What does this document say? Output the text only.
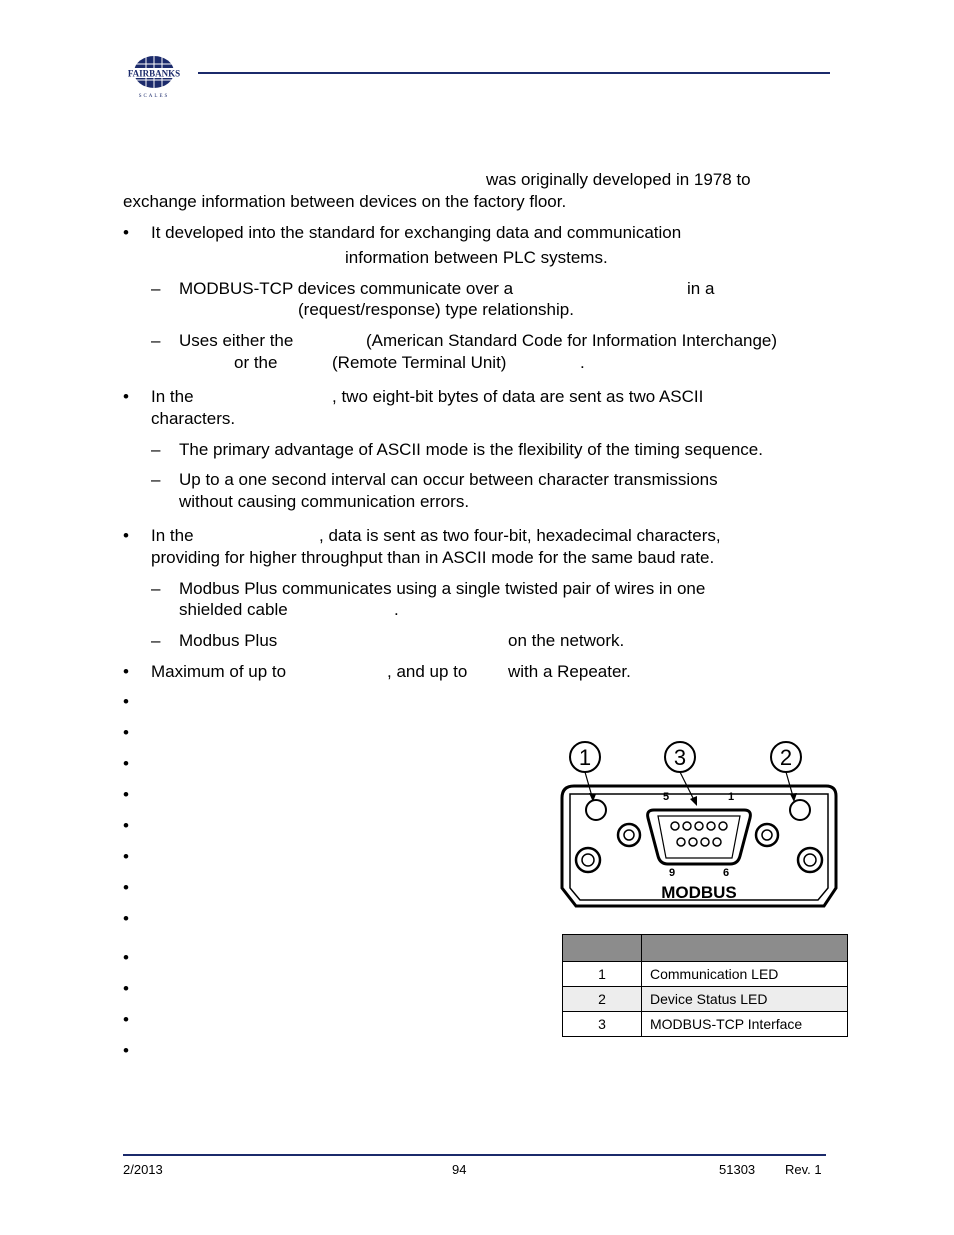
FAIRBANKS
SCALES
was originally developed in 1978 to
exchange information between devices on the factory floor.
• It developed into the standard for exchanging data and communication
information between PLC systems.
– MODBUS-TCP devices communicate over a	in a
(request/response) type relationship.
– Uses either the	(American Standard Code for Information Interchange)
or the	(Remote Terminal Unit)	.
• In the	, two eight-bit bytes of data are sent as two ASCII
characters.
– The primary advantage of ASCII mode is the flexibility of the timing sequence.
– Up to a one second interval can occur between character transmissions
without causing communication errors.
• In the	, data is sent as two four-bit, hexadecimal characters,
providing for higher throughput than in ASCII mode for the same baud rate.
– Modbus Plus communicates using a single twisted pair of wires in one
shielded cable	.
– Modbus Plus	on the network.
• Maximum of up to	, and up to with a Repeater.
•
•
•
•
•
•
•
•
•
•
•
•
1	3	2
5	1
9	6
MODBUS

1	Communication LED
2	Device Status LED
3	MODBUS-TCP Interface
2/2013	94	51303 Rev. 1
